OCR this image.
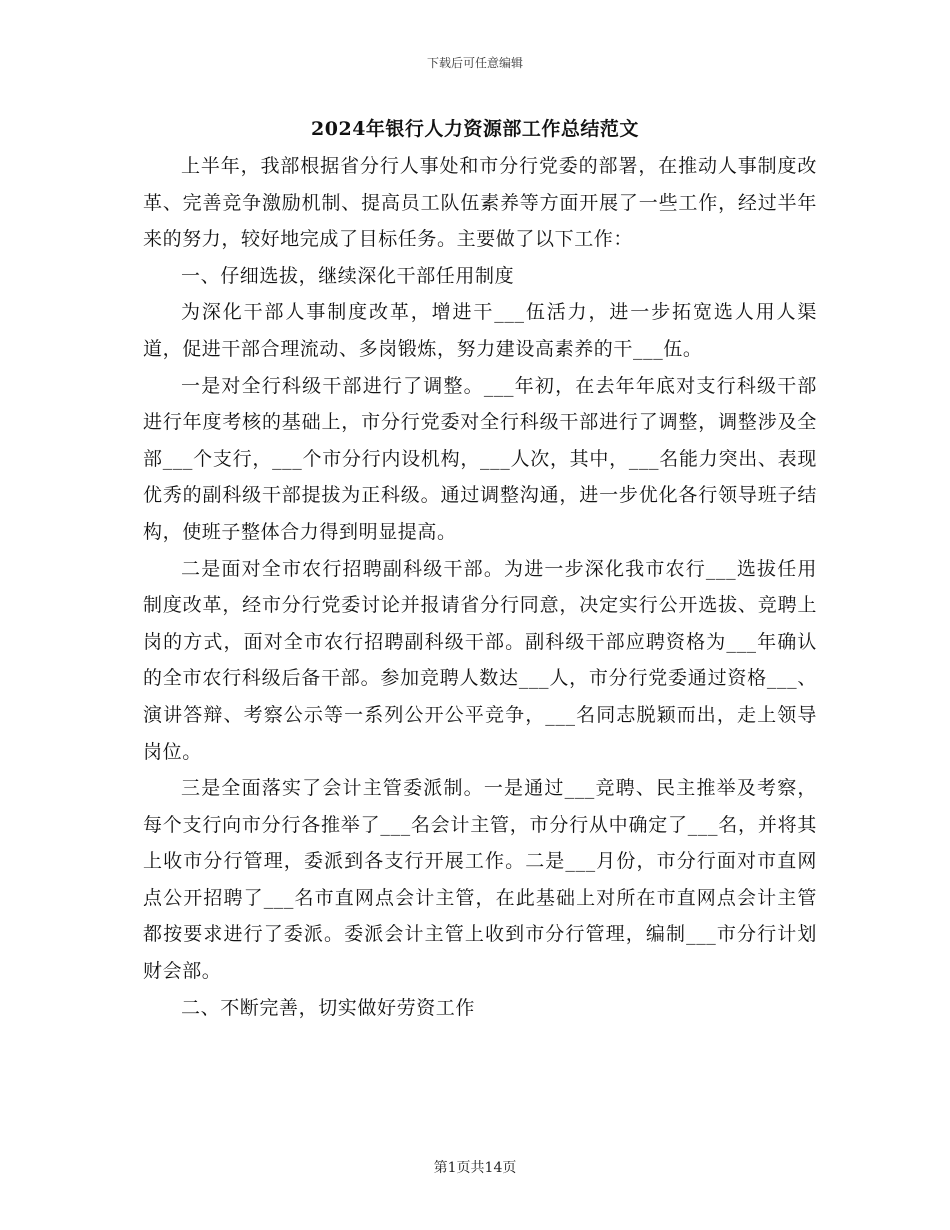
下载后可任意编辑
2024年银行人力资源部工作总结范文

上半年，我部根据省分行人事处和市分行党委的部署，在推动人事制度改革、完善竞争激励机制、提高员工队伍素养等方面开展了一些工作，经过半年来的努力，较好地完成了目标任务。主要做了以下工作：

一、仔细选拔，继续深化干部任用制度

为深化干部人事制度改革，增进干___伍活力，进一步拓宽选人用人渠道，促进干部合理流动、多岗锻炼，努力建设高素养的干___伍。

一是对全行科级干部进行了调整。___年初，在去年年底对支行科级干部进行年度考核的基础上，市分行党委对全行科级干部进行了调整，调整涉及全部___个支行，___个市分行内设机构，___人次，其中，___名能力突出、表现优秀的副科级干部提拔为正科级。通过调整沟通，进一步优化各行领导班子结构，使班子整体合力得到明显提高。

二是面对全市农行招聘副科级干部。为进一步深化我市农行___选拔任用制度改革，经市分行党委讨论并报请省分行同意，决定实行公开选拔、竞聘上岗的方式，面对全市农行招聘副科级干部。副科级干部应聘资格为___年确认的全市农行科级后备干部。参加竞聘人数达___人，市分行党委通过资格___、演讲答辩、考察公示等一系列公开公平竞争，___名同志脱颖而出，走上领导岗位。

三是全面落实了会计主管委派制。一是通过___竞聘、民主推举及考察，每个支行向市分行各推举了___名会计主管，市分行从中确定了___名，并将其上收市分行管理，委派到各支行开展工作。二是___月份，市分行面对市直网点公开招聘了___名市直网点会计主管，在此基础上对所在市直网点会计主管都按要求进行了委派。委派会计主管上收到市分行管理，编制___市分行计划财会部。

二、不断完善，切实做好劳资工作

第1页共14页
